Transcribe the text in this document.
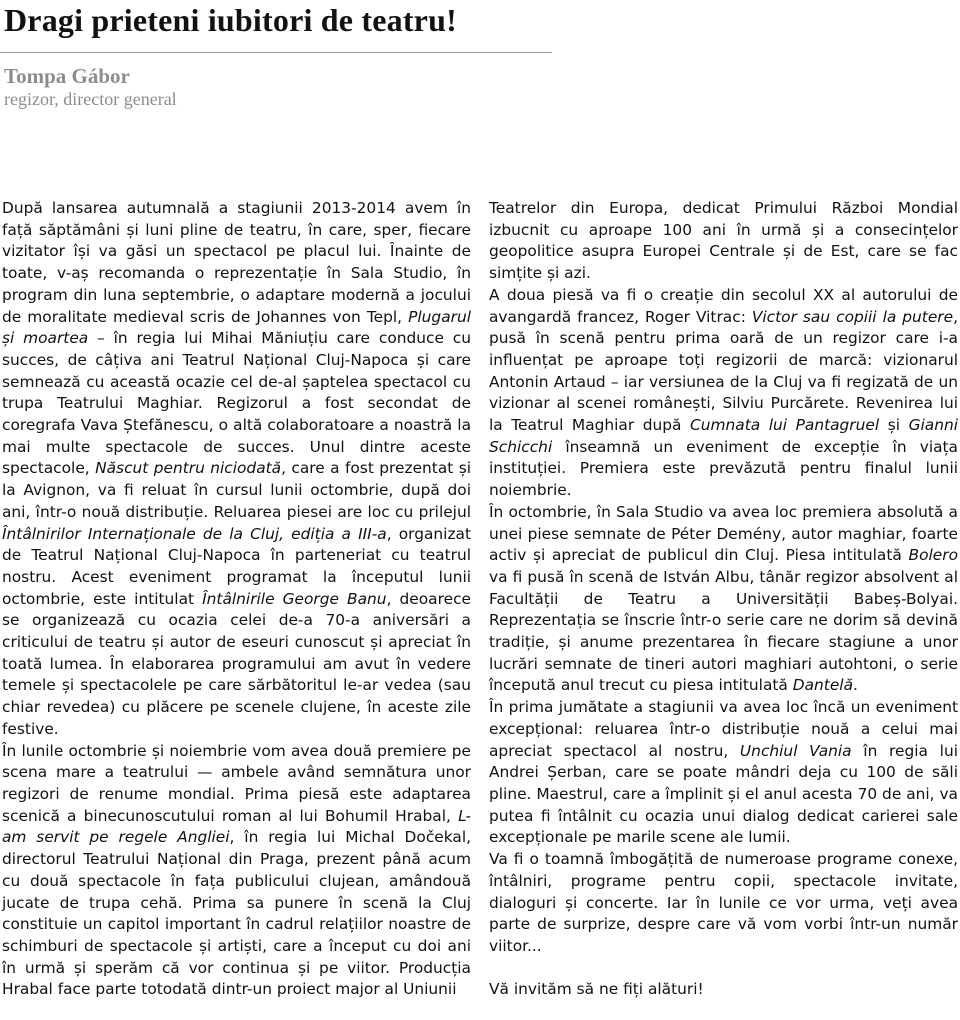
Dragi prieteni iubitori de teatru!
Tompa Gábor
regizor, director general

După lansarea autumnală a stagiunii 2013-2014 avem în față săptămâni și luni pline de teatru, în care, sper, fiecare vizitator își va găsi un spectacol pe placul lui. Înainte de toate, v-aș recomanda o reprezentație în Sala Studio, în program din luna septembrie, o adaptare modernă a jocului de moralitate medieval scris de Johannes von Tepl, Plugarul și moartea – în regia lui Mihai Măniuțiu care conduce cu succes, de câțiva ani Teatrul Național Cluj-Napoca și care semnează cu această ocazie cel de-al șaptelea spectacol cu trupa Teatrului Maghiar. Regizorul a fost secondat de coregrafa Vava Ștefănescu, o altă colaboratoare a noastră la mai multe spectacole de succes. Unul dintre aceste spectacole, Născut pentru niciodată, care a fost prezentat și la Avignon, va fi reluat în cursul lunii octombrie, după doi ani, într-o nouă distribuție. Reluarea piesei are loc cu prilejul Întâlnirilor Internaționale de la Cluj, ediția a III-a, organizat de Teatrul Național Cluj-Napoca în parteneriat cu teatrul nostru. Acest eveniment programat la începutul lunii octombrie, este intitulat Întâlnirile George Banu, deoarece se organizează cu ocazia celei de-a 70-a aniversări a criticului de teatru și autor de eseuri cunoscut și apreciat în toată lumea. În elaborarea programului am avut în vedere temele și spectacolele pe care sărbătoritul le-ar vedea (sau chiar revedea) cu plăcere pe scenele clujene, în aceste zile festive.

În lunile octombrie și noiembrie vom avea două premiere pe scena mare a teatrului — ambele având semnătura unor regizori de renume mondial. Prima piesă este adaptarea scenică a binecunoscutului roman al lui Bohumil Hrabal, L-am servit pe regele Angliei, în regia lui Michal Dočekal, directorul Teatrului Național din Praga, prezent până acum cu două spectacole în fața publicului clujean, amândouă jucate de trupa cehă. Prima sa punere în scenă la Cluj constituie un capitol important în cadrul relațiilor noastre de schimburi de spectacole și artiști, care a început cu doi ani în urmă și sperăm că vor continua și pe viitor. Producția Hrabal face parte totodată dintr-un proiect major al Uniunii

Teatrelor din Europa, dedicat Primului Război Mondial izbucnit cu aproape 100 ani în urmă și a consecințelor geopolitice asupra Europei Centrale și de Est, care se fac simțite și azi.

A doua piesă va fi o creație din secolul XX al autorului de avangardă francez, Roger Vitrac: Victor sau copiii la putere, pusă în scenă pentru prima oară de un regizor care i-a influențat pe aproape toți regizorii de marcă: vizionarul Antonin Artaud – iar versiunea de la Cluj va fi regizată de un vizionar al scenei românești, Silviu Purcărete. Revenirea lui la Teatrul Maghiar după Cumnata lui Pantagruel și Gianni Schicchi înseamnă un eveniment de excepție în viața instituției. Premiera este prevăzută pentru finalul lunii noiembrie.

În octombrie, în Sala Studio va avea loc premiera absolută a unei piese semnate de Péter Demény, autor maghiar, foarte activ și apreciat de publicul din Cluj. Piesa intitulată Bolero va fi pusă în scenă de István Albu, tânăr regizor absolvent al Facultății de Teatru a Universității Babeș-Bolyai. Reprezentația se înscrie într-o serie care ne dorim să devină tradiție, și anume prezentarea în fiecare stagiune a unor lucrări semnate de tineri autori maghiari autohtoni, o serie începută anul trecut cu piesa intitulată Dantelă.

În prima jumătate a stagiunii va avea loc încă un eveniment excepțional: reluarea într-o distribuție nouă a celui mai apreciat spectacol al nostru, Unchiul Vania în regia lui Andrei Șerban, care se poate mândri deja cu 100 de săli pline. Maestrul, care a împlinit și el anul acesta 70 de ani, va putea fi întâlnit cu ocazia unui dialog dedicat carierei sale excepționale pe marile scene ale lumii.

Va fi o toamnă îmbogățită de numeroase programe conexe, întâlniri, programe pentru copii, spectacole invitate, dialoguri și concerte. Iar în lunile ce vor urma, veți avea parte de surprize, despre care vă vom vorbi într-un număr viitor...

Vă invităm să ne fiți alături!
